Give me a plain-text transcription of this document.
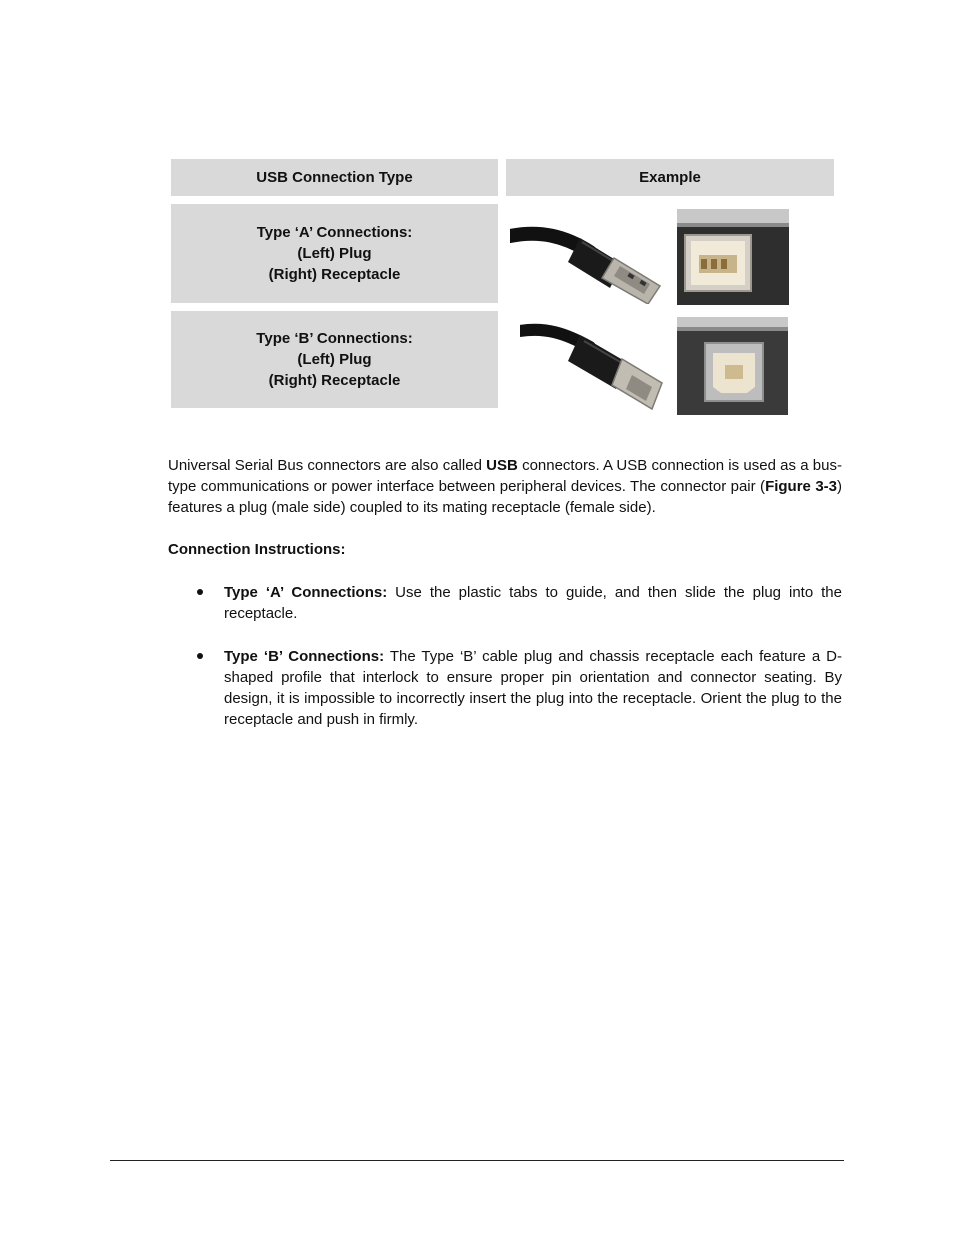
USB Connection Type	Example
Type ‘A’ Connections:
(Left) Plug
(Right) Receptacle
Type ‘B’ Connections:
(Left) Plug
(Right) Receptacle

Universal Serial Bus connectors are also called USB connectors. A USB connection is used as a bus-type communications or power interface between peripheral devices. The connector pair (Figure 3-3) features a plug (male side) coupled to its mating receptacle (female side).

Connection Instructions:

Type ‘A’ Connections: Use the plastic tabs to guide, and then slide the plug into the receptacle.

Type ‘B’ Connections: The Type ‘B’ cable plug and chassis receptacle each feature a D-shaped profile that interlock to ensure proper pin orientation and connector seating. By design, it is impossible to incorrectly insert the plug into the receptacle. Orient the plug to the receptacle and push in firmly.
